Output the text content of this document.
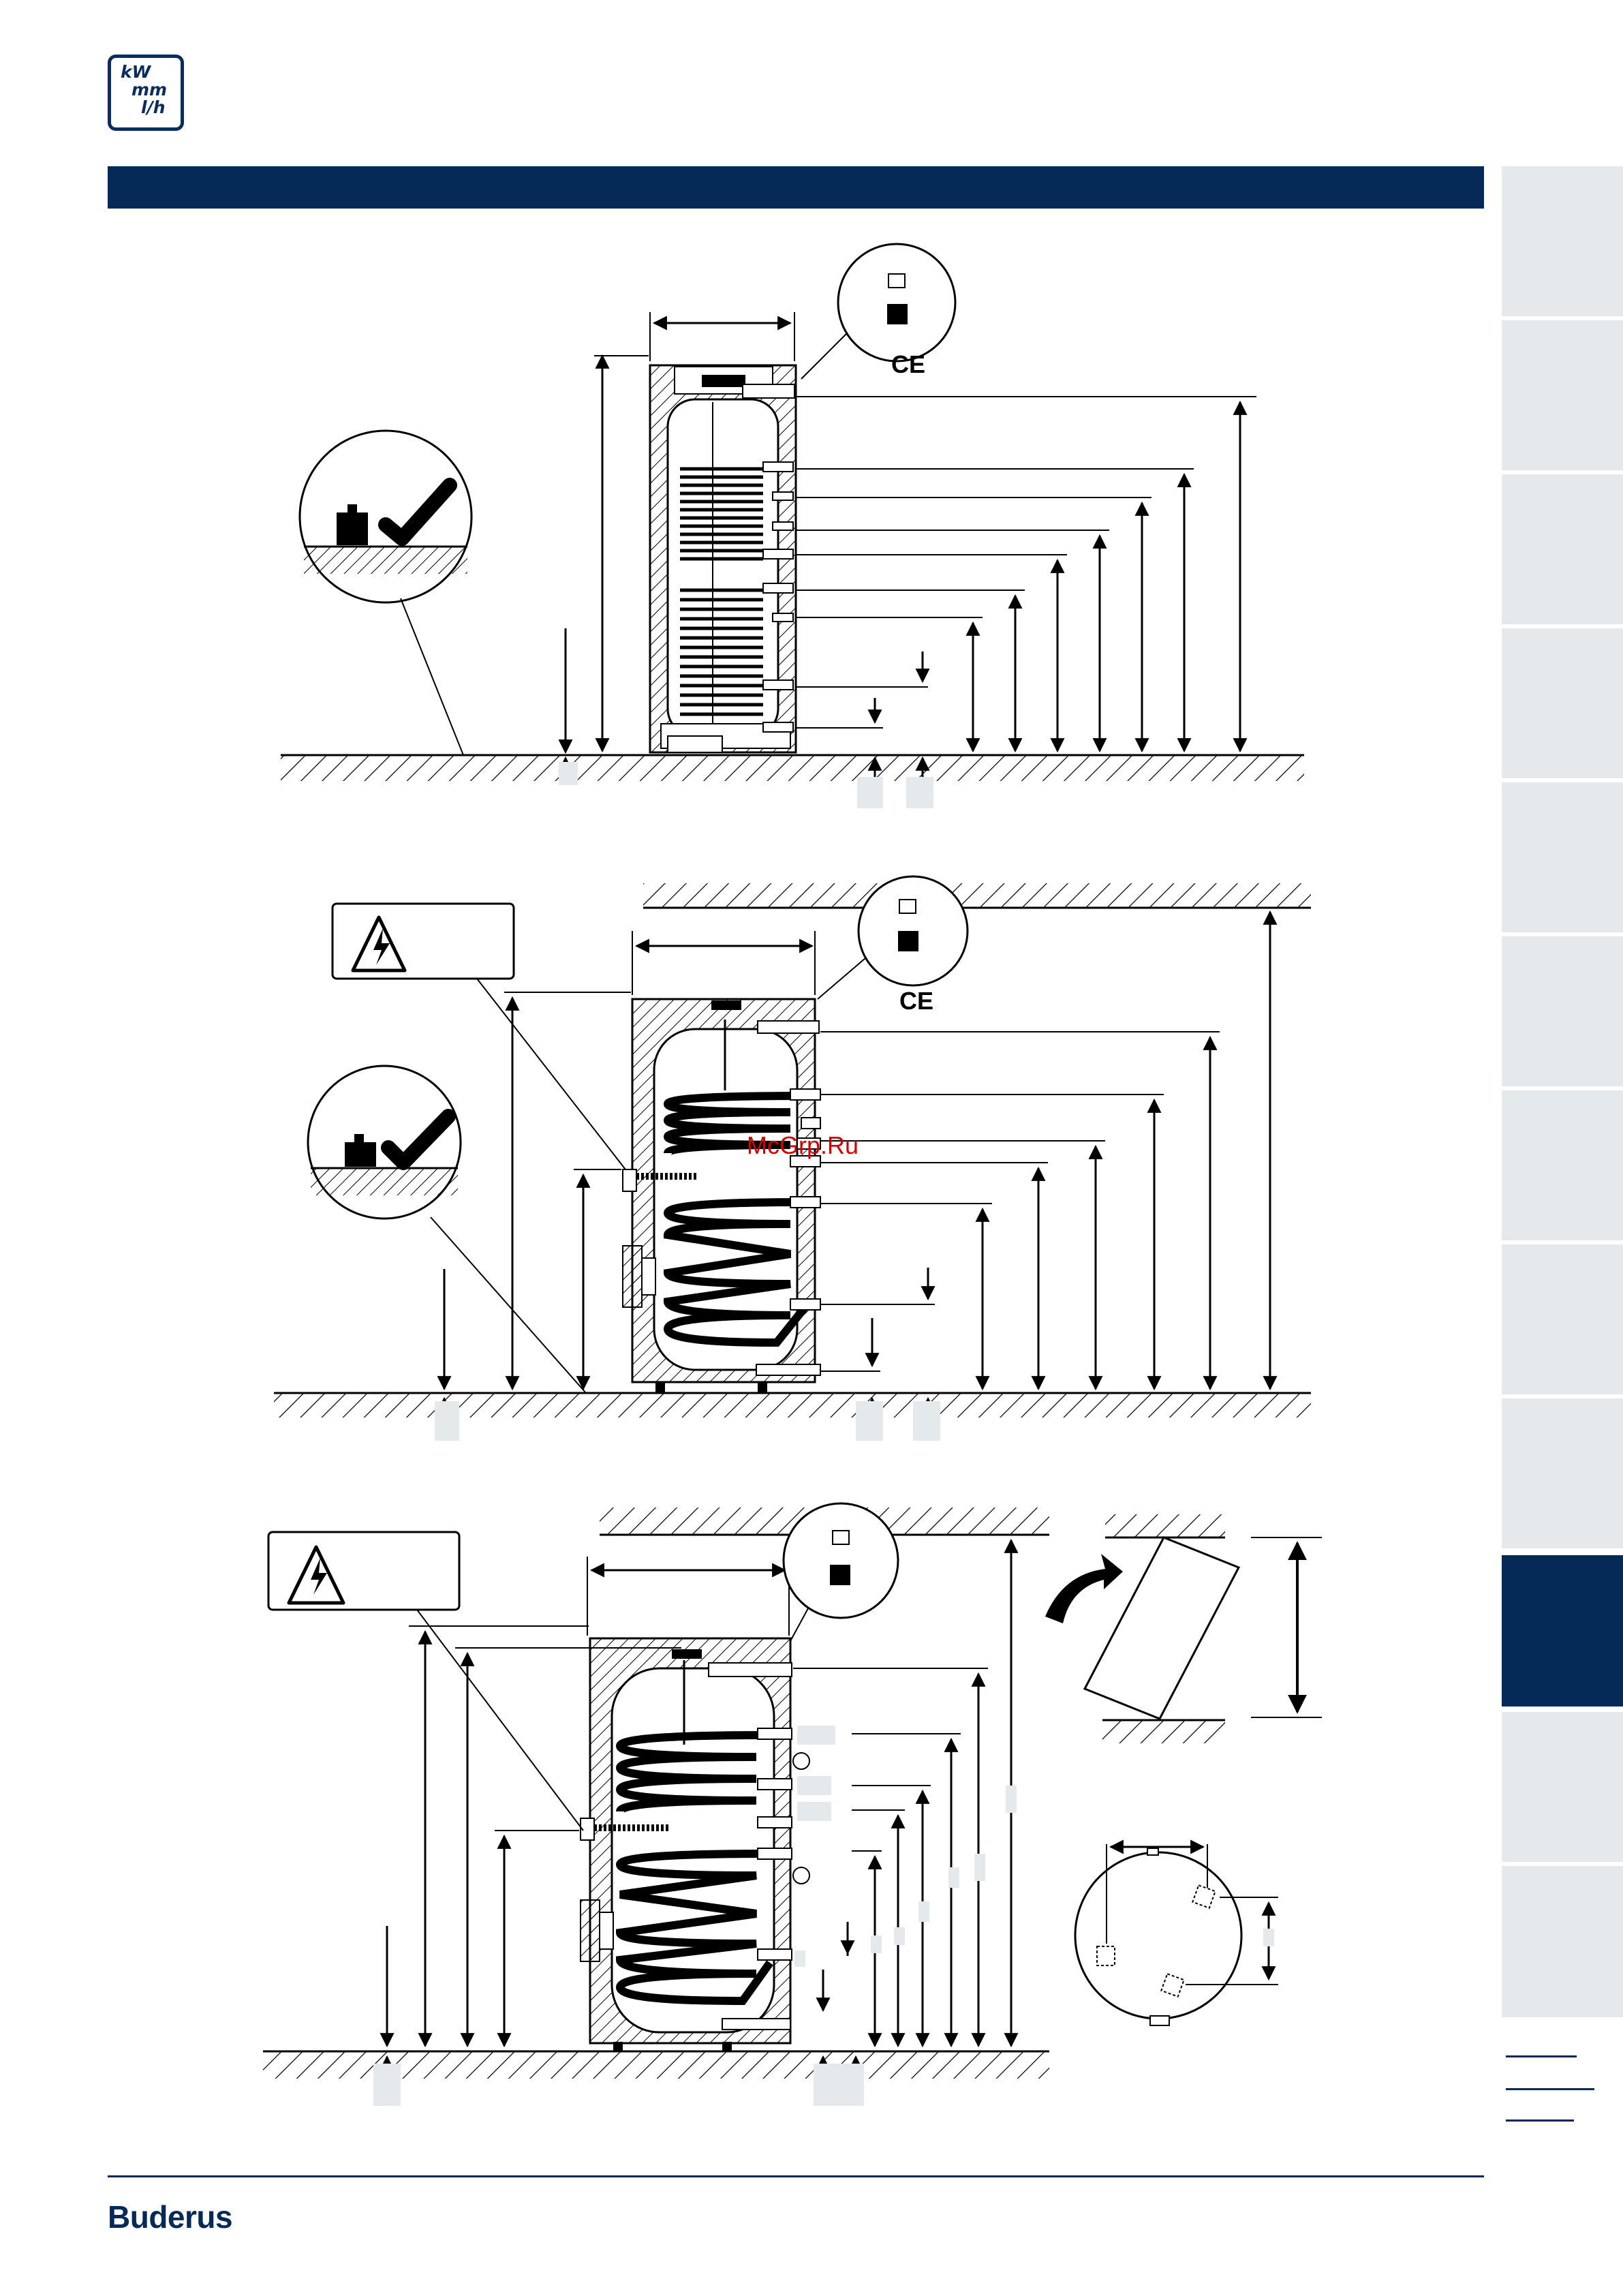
kW
mm
l/h
CE
CE
McGrp.Ru
Buderus
